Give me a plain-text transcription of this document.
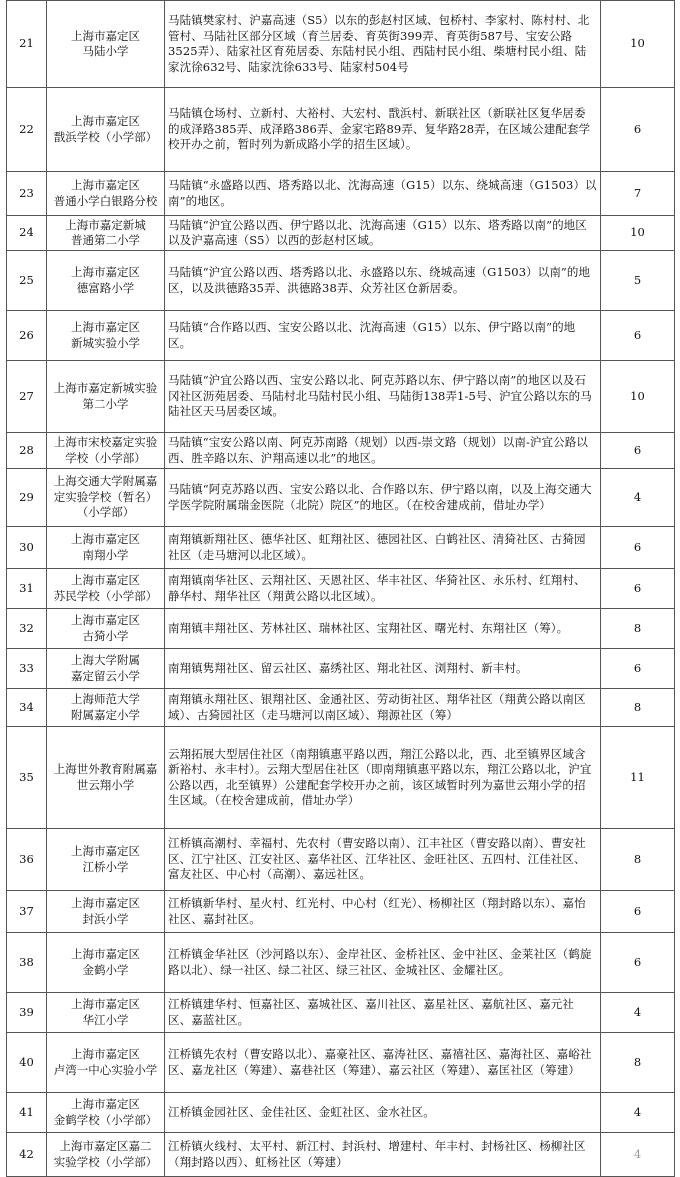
21	上海市嘉定区
马陆小学	马陆镇樊家村、沪嘉高速（S5）以东的彭赵村区域、包桥村、李家村、陈村村、北管村、马陆社区部分区域（育兰居委、育英街399弄、育英街587号、宝安公路3525弄）、陆家社区育苑居委、东陆村民小组、西陆村民小组、柴塘村民小组、陆家沈徐632号、陆家沈徐633号、陆家村504号	10
22	上海市嘉定区
戬浜学校（小学部）	马陆镇仓场村、立新村、大裕村、大宏村、戬浜村、新联社区（新联社区复华居委的成泽路385弄、成泽路386弄、金家宅路89弄、复华路28弄，在区域公建配套学校开办之前，暂时列为新成路小学的招生区域）。	6
23	上海市嘉定区
普通小学白银路分校	马陆镇“永盛路以西、塔秀路以北、沈海高速（G15）以东、绕城高速（G1503）以南”的地区。	7
24	上海市嘉定新城
普通第二小学	马陆镇“沪宜公路以西、伊宁路以北、沈海高速（G15）以东、塔秀路以南”的地区以及沪嘉高速（S5）以西的彭赵村区域。	10
25	上海市嘉定区
德富路小学	马陆镇“沪宜公路以西、塔秀路以北、永盛路以东、绕城高速（G1503）以南”的地区，以及洪德路35弄、洪德路38弄、众芳社区仓新居委。	5
26	上海市嘉定区
新城实验小学	马陆镇“合作路以西、宝安公路以北、沈海高速（G15）以东、伊宁路以南”的地区。	6
27	上海市嘉定新城实验
第二小学	马陆镇“沪宜公路以西、宝安公路以北、阿克苏路以东、伊宁路以南”的地区以及石冈社区沥苑居委、马陆村北马陆村民小组、马陆街138弄1-5号、沪宜公路以东的马陆社区天马居委区域。	10
28	上海市宋校嘉定实验
学校（小学部）	马陆镇“宝安公路以南、阿克苏南路（规划）以西-崇文路（规划）以南-沪宜公路以西、胜辛路以东、沪翔高速以北”的地区。	6
29	上海交通大学附属嘉
定实验学校（暂名）
（小学部）	马陆镇“阿克苏路以西、宝安公路以北、合作路以东、伊宁路以南，以及上海交通大学医学院附属瑞金医院（北院）院区”的地区。（在校舍建成前，借址办学）	4
30	上海市嘉定区
南翔小学	南翔镇新翔社区、德华社区、虹翔社区、德园社区、白鹤社区、清猗社区、古猗园社区（走马塘河以北区域）。	6
31	上海市嘉定区
苏民学校（小学部）	南翔镇南华社区、云翔社区、天恩社区、华丰社区、华猗社区、永乐村、红翔村、静华村、翔华社区（翔黄公路以北区域）。	6
32	上海市嘉定区
古猗小学	南翔镇丰翔社区、芳林社区、瑞林社区、宝翔社区、曙光村、东翔社区（筹）。	8
33	上海大学附属
嘉定留云小学	南翔镇隽翔社区、留云社区、嘉绣社区、翔北社区、浏翔村、新丰村。	6
34	上海师范大学
附属嘉定小学	南翔镇永翔社区、银翔社区、金通社区、劳动街社区、翔华社区（翔黄公路以南区域）、古猗园社区（走马塘河以南区域）、翔源社区（筹）	8
35	上海世外教育附属嘉
世云翔小学	云翔拓展大型居住社区（南翔镇惠平路以西，翔江公路以北，西、北至镇界区域含新裕村、永丰村）。云翔大型居住社区（即南翔镇惠平路以东，翔江公路以北，沪宜公路以西，北至镇界）公建配套学校开办之前，该区域暂时列为嘉世云翔小学的招生区域。（在校舍建成前，借址办学）	11
36	上海市嘉定区
江桥小学	江桥镇高潮村、幸福村、先农村（曹安路以南）、江丰社区（曹安路以南）、曹安社区、江宁社区、江安社区、嘉华社区、江华社区、金旺社区、五四村、江佳社区、富友社区、中心村（高潮）、嘉远社区。	8
37	上海市嘉定区
封浜小学	江桥镇新华村、星火村、红光村、中心村（红光）、杨柳社区（翔封路以东）、嘉怡社区、嘉封社区。	6
38	上海市嘉定区
金鹤小学	江桥镇金华社区（沙河路以东）、金岸社区、金桥社区、金中社区、金莱社区（鹤旋路以北）、绿一社区、绿二社区、绿三社区、金城社区、金耀社区。	6
39	上海市嘉定区
华江小学	江桥镇建华村、恒嘉社区、嘉城社区、嘉川社区、嘉星社区、嘉航社区、嘉元社区、嘉蓝社区。	4
40	上海市嘉定区
卢湾一中心实验小学	江桥镇先农村（曹安路以北）、嘉豪社区、嘉涛社区、嘉禧社区、嘉海社区、嘉峪社区、嘉龙社区（筹建）、嘉巷社区（筹建）、嘉云社区（筹建）、嘉匡社区（筹建）	8
41	上海市嘉定区
金鹤学校（小学部）	江桥镇金园社区、金佳社区、金虹社区、金水社区。	4
42	上海市嘉定区嘉二
实验学校（小学部）	江桥镇火线村、太平村、新江村、封浜村、增建村、年丰村、封杨社区、杨柳社区（翔封路以西）、虹杨社区（筹建）	4
